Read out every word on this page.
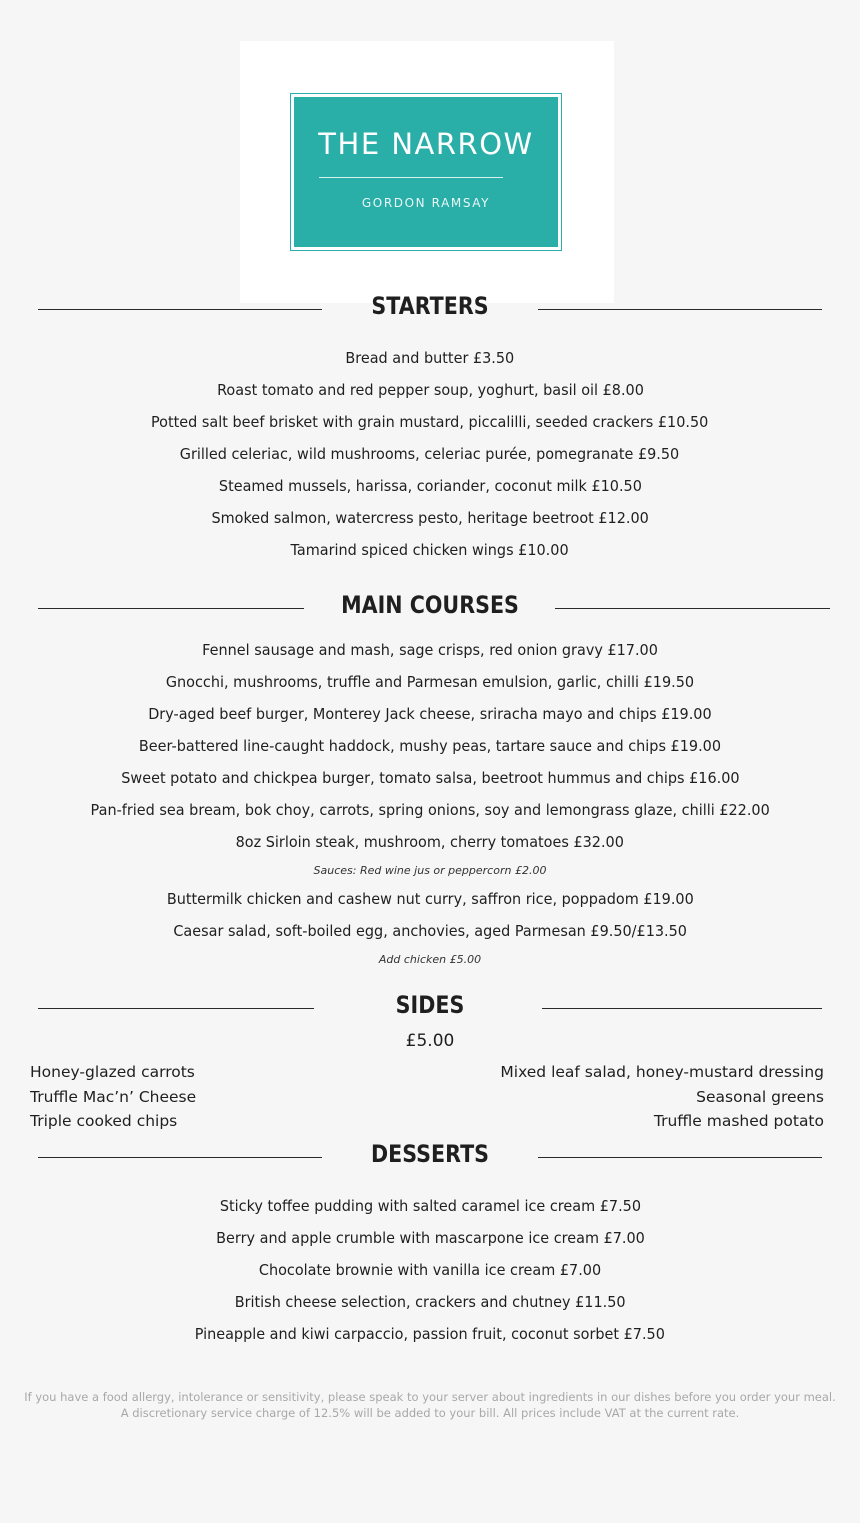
THE NARROW
GORDON RAMSAY
STARTERS
Bread and butter £3.50
Roast tomato and red pepper soup, yoghurt, basil oil £8.00
Potted salt beef brisket with grain mustard, piccalilli, seeded crackers £10.50
Grilled celeriac, wild mushrooms, celeriac purée, pomegranate £9.50
Steamed mussels, harissa, coriander, coconut milk £10.50
Smoked salmon, watercress pesto, heritage beetroot £12.00
Tamarind spiced chicken wings £10.00
MAIN COURSES
Fennel sausage and mash, sage crisps, red onion gravy £17.00
Gnocchi, mushrooms, truffle and Parmesan emulsion, garlic, chilli £19.50
Dry-aged beef burger, Monterey Jack cheese, sriracha mayo and chips £19.00
Beer-battered line-caught haddock, mushy peas, tartare sauce and chips £19.00
Sweet potato and chickpea burger, tomato salsa, beetroot hummus and chips £16.00
Pan-fried sea bream, bok choy, carrots, spring onions, soy and lemongrass glaze, chilli £22.00
8oz Sirloin steak, mushroom, cherry tomatoes £32.00
Sauces: Red wine jus or peppercorn £2.00
Buttermilk chicken and cashew nut curry, saffron rice, poppadom £19.00
Caesar salad, soft-boiled egg, anchovies, aged Parmesan £9.50/£13.50
Add chicken £5.00
SIDES
£5.00
Honey-glazed carrots
Truffle Mac’n’ Cheese
Triple cooked chips
Mixed leaf salad, honey-mustard dressing
Seasonal greens
Truffle mashed potato
DESSERTS
Sticky toffee pudding with salted caramel ice cream £7.50
Berry and apple crumble with mascarpone ice cream £7.00
Chocolate brownie with vanilla ice cream £7.00
British cheese selection, crackers and chutney £11.50
Pineapple and kiwi carpaccio, passion fruit, coconut sorbet £7.50
If you have a food allergy, intolerance or sensitivity, please speak to your server about ingredients in our dishes before you order your meal.
A discretionary service charge of 12.5% will be added to your bill. All prices include VAT at the current rate.
